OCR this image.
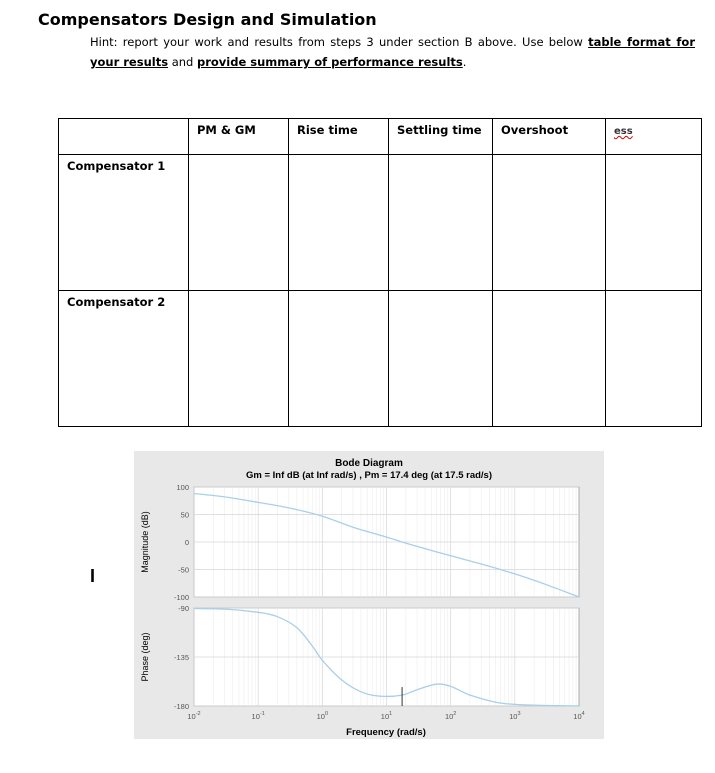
Compensators Design and Simulation
Hint: report your work and results from steps 3 under section B above. Use below table format for your results and provide summary of performance results.
	PM & GM	Rise time	Settling time	Overshoot	ess
Compensator 1					
Compensator 2					
I
Bode Diagram
Gm = Inf dB (at Inf rad/s) , Pm = 17.4 deg (at 17.5 rad/s)
100
50
0
-50
-100
-90
-135
-180
$10^{-2}$	$10^{-1}$	$10^0$	$10^1$	$10^2$	$10^3$	$10^4$
Magnitude (dB)
Phase (deg)
Frequency (rad/s)
